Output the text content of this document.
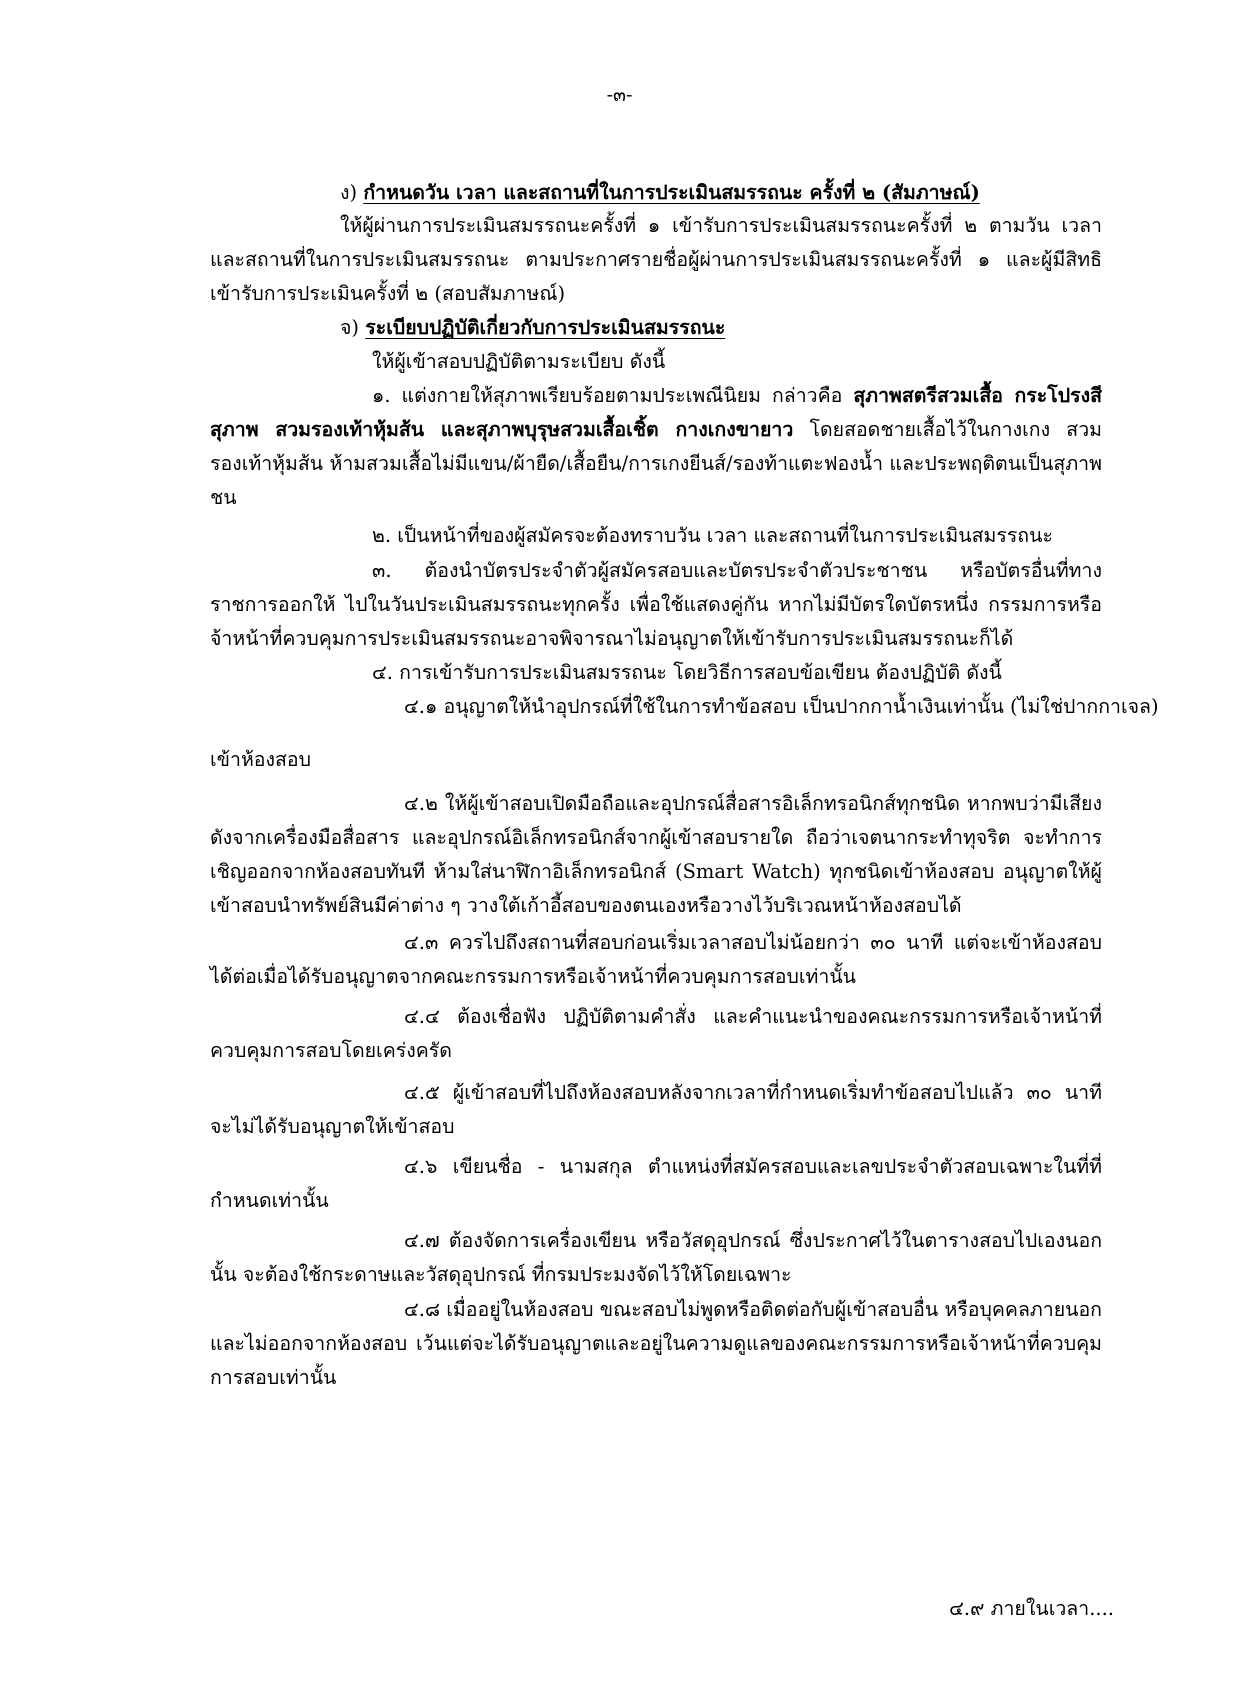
-๓-
ง) กำหนดวัน เวลา และสถานที่ในการประเมินสมรรถนะ ครั้งที่ ๒ (สัมภาษณ์)
ให้ผู้ผ่านการประเมินสมรรถนะครั้งที่ ๑ เข้ารับการประเมินสมรรถนะครั้งที่ ๒ ตามวัน เวลา และสถานที่ในการประเมินสมรรถนะ ตามประกาศรายชื่อผู้ผ่านการประเมินสมรรถนะครั้งที่ ๑ และผู้มีสิทธิเข้ารับการประเมินครั้งที่ ๒ (สอบสัมภาษณ์)
จ) ระเบียบปฏิบัติเกี่ยวกับการประเมินสมรรถนะ
ให้ผู้เข้าสอบปฏิบัติตามระเบียบ ดังนี้
๑. แต่งกายให้สุภาพเรียบร้อยตามประเพณีนิยม กล่าวคือ สุภาพสตรีสวมเสื้อ กระโปรงสีสุภาพ สวมรองเท้าหุ้มส้น และสุภาพบุรุษสวมเสื้อเชิ้ต กางเกงขายาว โดยสอดชายเสื้อไว้ในกางเกง สวมรองเท้าหุ้มส้น ห้ามสวมเสื้อไม่มีแขน/ผ้ายืด/เสื้อยืน/การเกงยีนส์/รองท้าแตะฟองน้ำ และประพฤติตนเป็นสุภาพชน
๒. เป็นหน้าที่ของผู้สมัครจะต้องทราบวัน เวลา และสถานที่ในการประเมินสมรรถนะ
๓. ต้องนำบัตรประจำตัวผู้สมัครสอบและบัตรประจำตัวประชาชน หรือบัตรอื่นที่ทางราชการออกให้ ไปในวันประเมินสมรรถนะทุกครั้ง เพื่อใช้แสดงคู่กัน หากไม่มีบัตรใดบัตรหนึ่ง กรรมการหรือจ้าหน้าที่ควบคุมการประเมินสมรรถนะอาจพิจารณาไม่อนุญาตให้เข้ารับการประเมินสมรรถนะก็ได้
๔. การเข้ารับการประเมินสมรรถนะ โดยวิธีการสอบข้อเขียน ต้องปฏิบัติ ดังนี้
๔.๑ อนุญาตให้นำอุปกรณ์ที่ใช้ในการทำข้อสอบ เป็นปากกาน้ำเงินเท่านั้น (ไม่ใช่ปากกาเจล)
เข้าห้องสอบ
๔.๒ ให้ผู้เข้าสอบเปิดมือถือและอุปกรณ์สื่อสารอิเล็กทรอนิกส์ทุกชนิด หากพบว่ามีเสียงดังจากเครื่องมือสื่อสาร และอุปกรณ์อิเล็กทรอนิกส์จากผู้เข้าสอบรายใด ถือว่าเจตนากระทำทุจริต จะทำการเชิญออกจากห้องสอบทันที ห้ามใส่นาฬิกาอิเล็กทรอนิกส์ (Smart Watch) ทุกชนิดเข้าห้องสอบ อนุญาตให้ผู้เข้าสอบนำทรัพย์สินมีค่าต่าง ๆ วางใต้เก้าอี้สอบของตนเองหรือวางไว้บริเวณหน้าห้องสอบได้
๔.๓ ควรไปถึงสถานที่สอบก่อนเริ่มเวลาสอบไม่น้อยกว่า ๓๐ นาที แต่จะเข้าห้องสอบได้ต่อเมื่อได้รับอนุญาตจากคณะกรรมการหรือเจ้าหน้าที่ควบคุมการสอบเท่านั้น
๔.๔ ต้องเชื่อฟัง ปฏิบัติตามคำสั่ง และคำแนะนำของคณะกรรมการหรือเจ้าหน้าที่ควบคุมการสอบโดยเคร่งครัด
๔.๕ ผู้เข้าสอบที่ไปถึงห้องสอบหลังจากเวลาที่กำหนดเริ่มทำข้อสอบไปแล้ว ๓๐ นาทีจะไม่ได้รับอนุญาตให้เข้าสอบ
๔.๖ เขียนชื่อ - นามสกุล ตำแหน่งที่สมัครสอบและเลขประจำตัวสอบเฉพาะในที่ที่กำหนดเท่านั้น
๔.๗ ต้องจัดการเครื่องเขียน หรือวัสดุอุปกรณ์ ซึ่งประกาศไว้ในตารางสอบไปเองนอกนั้น จะต้องใช้กระดาษและวัสดุอุปกรณ์ ที่กรมประมงจัดไว้ให้โดยเฉพาะ
๔.๘ เมื่ออยู่ในห้องสอบ ขณะสอบไม่พูดหรือติดต่อกับผู้เข้าสอบอื่น หรือบุคคลภายนอก และไม่ออกจากห้องสอบ เว้นแต่จะได้รับอนุญาตและอยู่ในความดูแลของคณะกรรมการหรือเจ้าหน้าที่ควบคุมการสอบเท่านั้น
๔.๙ ภายในเวลา....
